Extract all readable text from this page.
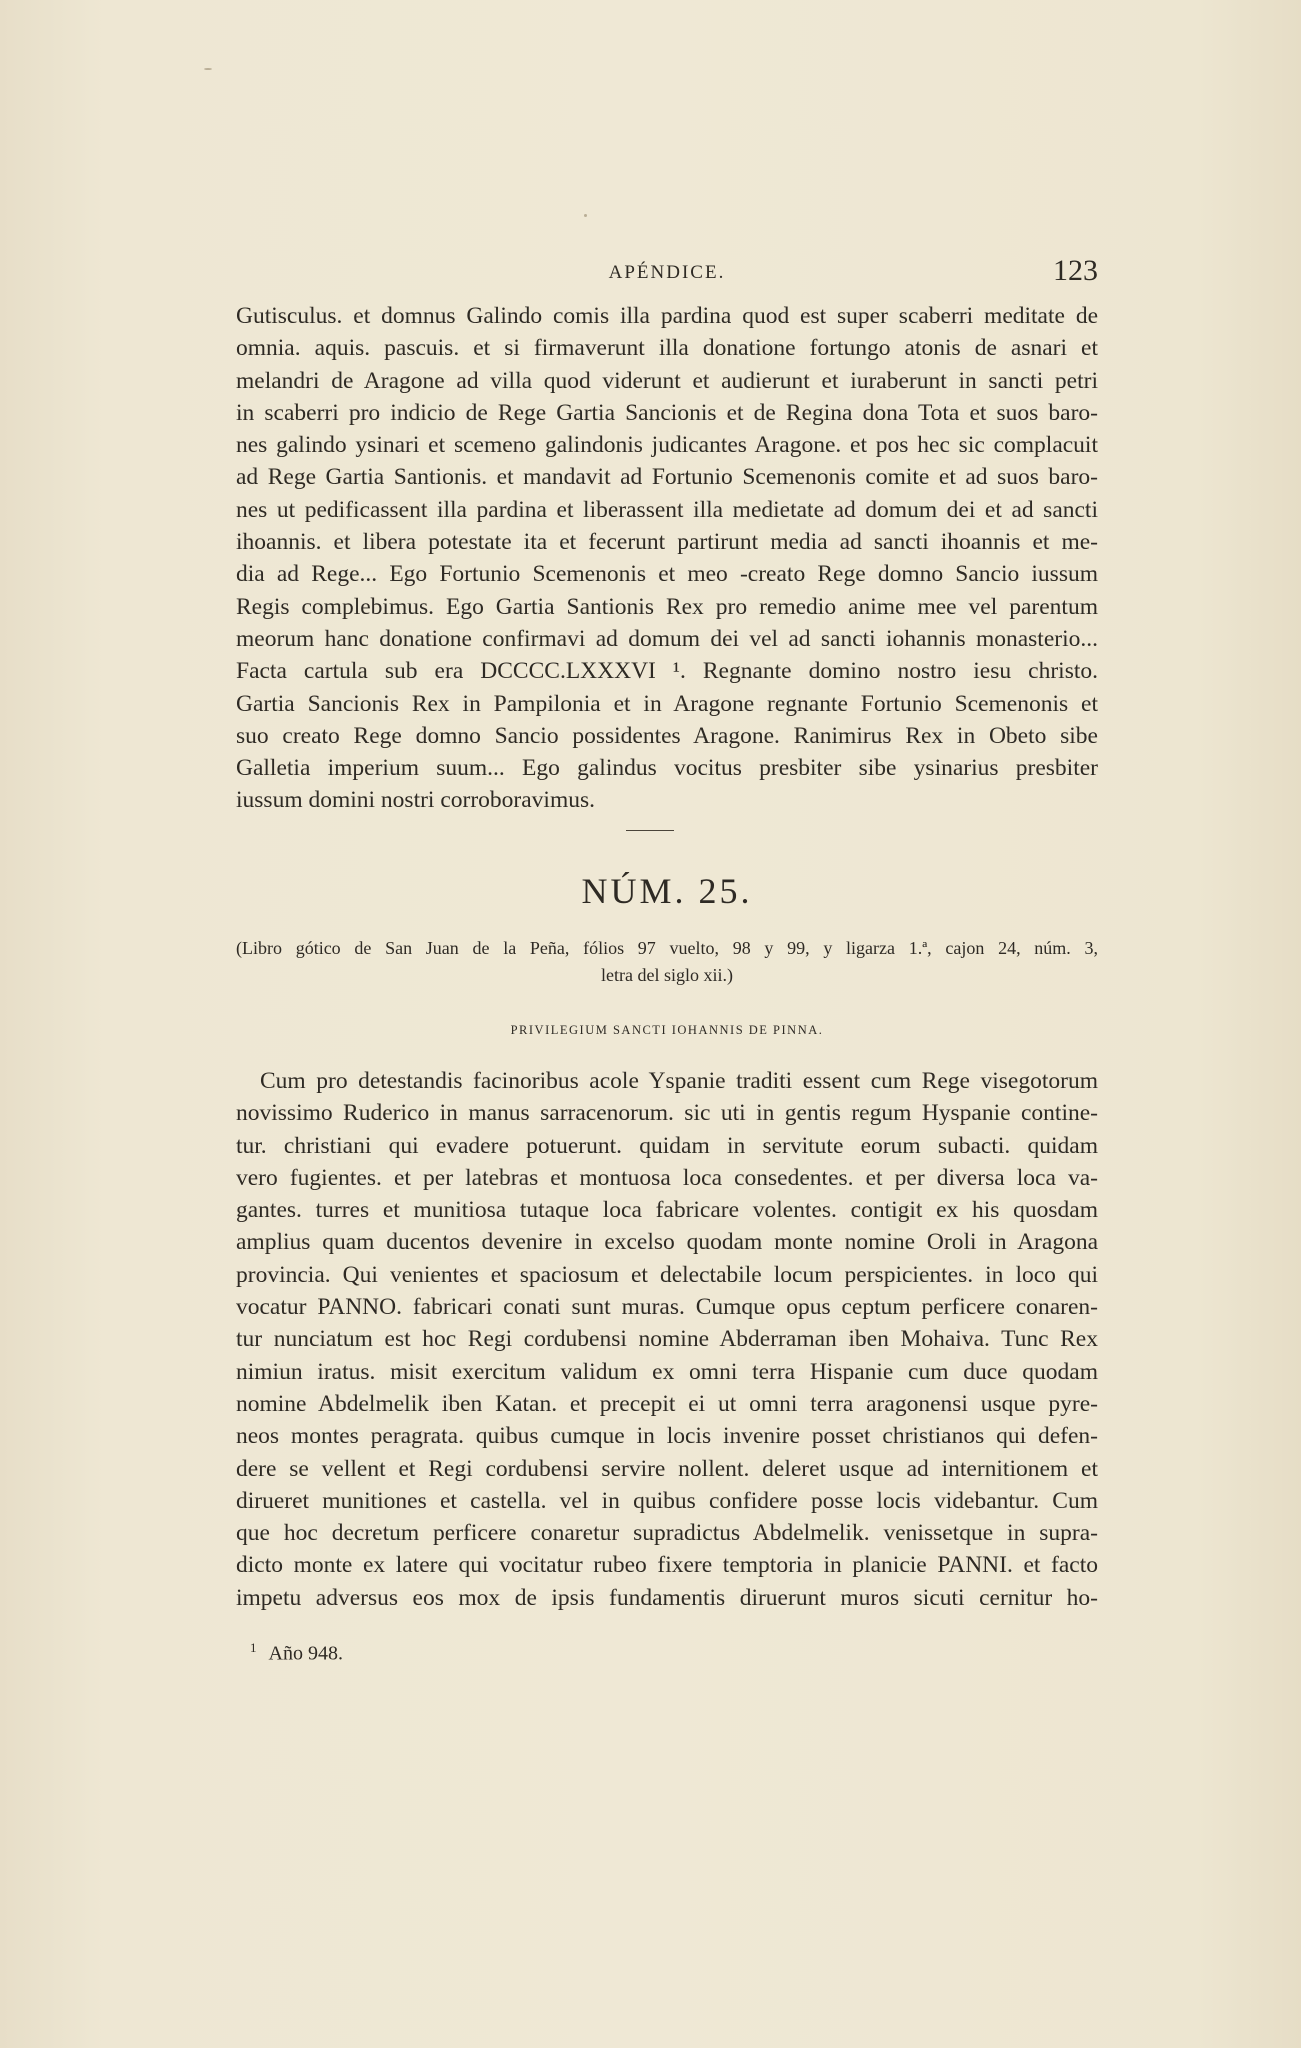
APÉNDICE.	123
Gutisculus. et domnus Galindo comis illa pardina quod est super scaberri meditate de
omnia. aquis. pascuis. et si firmaverunt illa donatione fortungo atonis de asnari et
melandri de Aragone ad villa quod viderunt et audierunt et iuraberunt in sancti petri
in scaberri pro indicio de Rege Gartia Sancionis et de Regina dona Tota et suos baro-
nes galindo ysinari et scemeno galindonis judicantes Aragone. et pos hec sic complacuit
ad Rege Gartia Santionis. et mandavit ad Fortunio Scemenonis comite et ad suos baro-
nes ut pedificassent illa pardina et liberassent illa medietate ad domum dei et ad sancti
ihoannis. et libera potestate ita et fecerunt partirunt media ad sancti ihoannis et me-
dia ad Rege... Ego Fortunio Scemenonis et meo -creato Rege domno Sancio iussum
Regis complebimus. Ego Gartia Santionis Rex pro remedio anime mee vel parentum
meorum hanc donatione confirmavi ad domum dei vel ad sancti iohannis monasterio...
Facta cartula sub era DCCCC.LXXXVI ¹. Regnante domino nostro iesu christo.
Gartia Sancionis Rex in Pampilonia et in Aragone regnante Fortunio Scemenonis et
suo creato Rege domno Sancio possidentes Aragone. Ranimirus Rex in Obeto sibe
Galletia imperium suum... Ego galindus vocitus presbiter sibe ysinarius presbiter
iussum domini nostri corroboravimus.
NÚM. 25.
(Libro gótico de San Juan de la Peña, fólios 97 vuelto, 98 y 99, y ligarza 1.ª, cajon 24, núm. 3,
letra del siglo xii.)
PRIVILEGIUM SANCTI IOHANNIS DE PINNA.
Cum pro detestandis facinoribus acole Yspanie traditi essent cum Rege visegotorum
novissimo Ruderico in manus sarracenorum. sic uti in gentis regum Hyspanie contine-
tur. christiani qui evadere potuerunt. quidam in servitute eorum subacti. quidam
vero fugientes. et per latebras et montuosa loca consedentes. et per diversa loca va-
gantes. turres et munitiosa tutaque loca fabricare volentes. contigit ex his quosdam
amplius quam ducentos devenire in excelso quodam monte nomine Oroli in Aragona
provincia. Qui venientes et spaciosum et delectabile locum perspicientes. in loco qui
vocatur PANNO. fabricari conati sunt muras. Cumque opus ceptum perficere conaren-
tur nunciatum est hoc Regi cordubensi nomine Abderraman iben Mohaiva. Tunc Rex
nimiun iratus. misit exercitum validum ex omni terra Hispanie cum duce quodam
nomine Abdelmelik iben Katan. et precepit ei ut omni terra aragonensi usque pyre-
neos montes peragrata. quibus cumque in locis invenire posset christianos qui defen-
dere se vellent et Regi cordubensi servire nollent. deleret usque ad internitionem et
dirueret munitiones et castella. vel in quibus confidere posse locis videbantur. Cum
que hoc decretum perficere conaretur supradictus Abdelmelik. venissetque in supra-
dicto monte ex latere qui vocitatur rubeo fixere temptoria in planicie PANNI. et facto
impetu adversus eos mox de ipsis fundamentis diruerunt muros sicuti cernitur ho-
$^1$ Año 948.
